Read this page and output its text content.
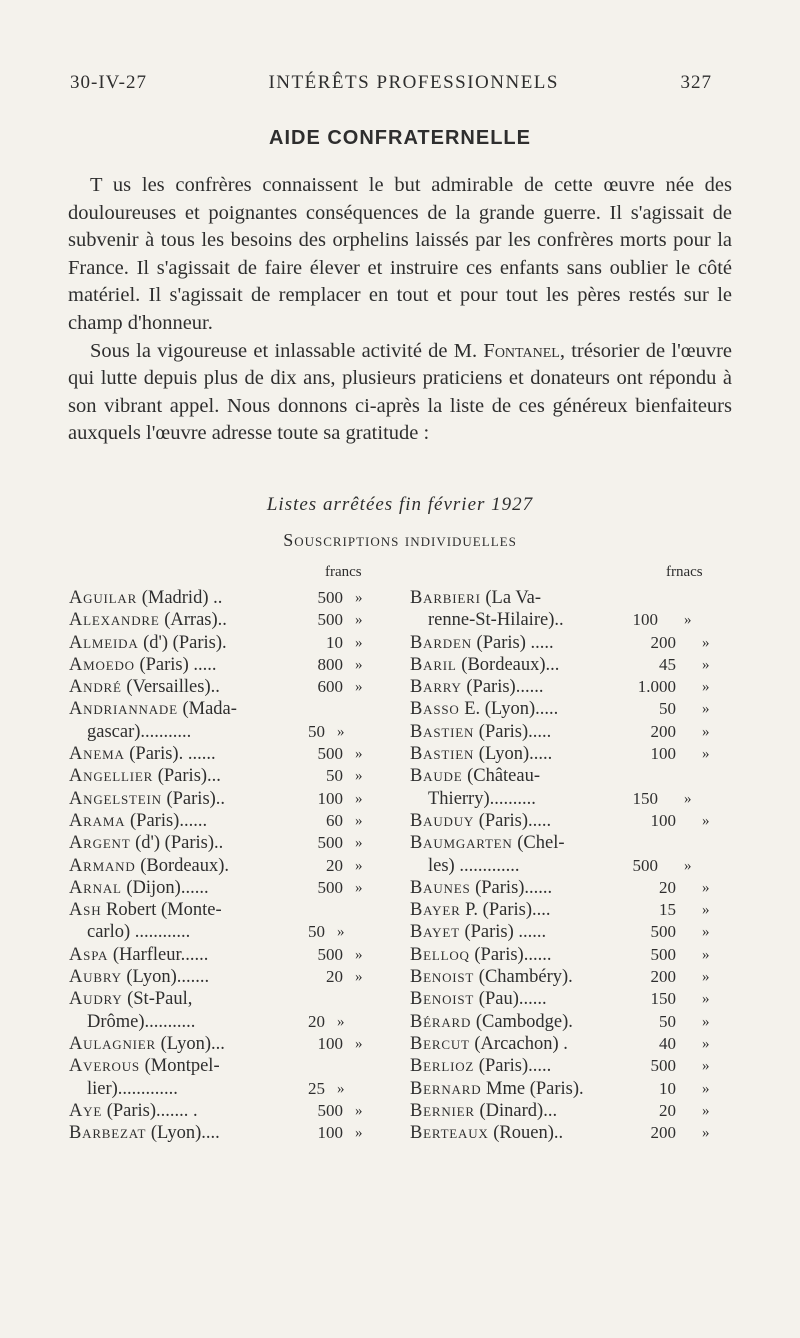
30-IV-27	INTÉRÊTS PROFESSIONNELS	327
AIDE CONFRATERNELLE

T us les confrères connaissent le but admirable de cette œuvre née des douloureuses et poignantes conséquences de la grande guerre. Il s'agissait de subvenir à tous les besoins des orphelins laissés par les confrères morts pour la France. Il s'agissait de faire élever et instruire ces enfants sans oublier le côté matériel. Il s'agissait de remplacer en tout et pour tout les pères restés sur le champ d'honneur.

Sous la vigoureuse et inlassable activité de M. Fontanel, trésorier de l'œuvre qui lutte depuis plus de dix ans, plusieurs praticiens et donateurs ont répondu à son vibrant appel. Nous donnons ci-après la liste de ces généreux bienfaiteurs auxquels l'œuvre adresse toute sa gratitude :

Listes arrêtées fin février 1927
Souscriptions individuelles
francs	frnacs
Aguilar (Madrid) ..	500 »
Alexandre (Arras)..	500 »
Almeida (d') (Paris).	10 »
Amoedo (Paris) .....	800 »
André (Versailles)..	600 »
Andriannade (Mada-
gascar)...........	50 »
Anema (Paris). ......	500 »
Angellier (Paris)...	50 »
Angelstein (Paris)..	100 »
Arama (Paris)......	60 »
Argent (d') (Paris)..	500 »
Armand (Bordeaux).	20 »
Arnal (Dijon)......	500 »
Ash Robert (Monte-
carlo) ............	50 »
Aspa (Harfleur......	500 »
Aubry (Lyon).......	20 »
Audry (St-Paul,
Drôme)...........	20 »
Aulagnier (Lyon)...	100 »
Averous (Montpel-
lier).............	25 »
Aye (Paris)....... .	500 »
Barbezat (Lyon)....	100 »
Barbieri (La Va-
renne-St-Hilaire)..	100 »
Barden (Paris) .....	200 »
Baril (Bordeaux)...	45 »
Barry (Paris)......	1.000 »
Basso E. (Lyon).....	50 »
Bastien (Paris).....	200 »
Bastien (Lyon).....	100 »
Baude (Château-
Thierry)..........	150 »
Bauduy (Paris).....	100 »
Baumgarten (Chel-
les) .............	500 »
Baunes (Paris)......	20 »
Bayer P. (Paris)....	15 »
Bayet (Paris) ......	500 »
Belloq (Paris)......	500 »
Benoist (Chambéry).	200 »
Benoist (Pau)......	150 »
Bérard (Cambodge).	50 »
Bercut (Arcachon) .	40 »
Berlioz (Paris).....	500 »
Bernard Mme (Paris).	10 »
Bernier (Dinard)...	20 »
Berteaux (Rouen)..	200 »
